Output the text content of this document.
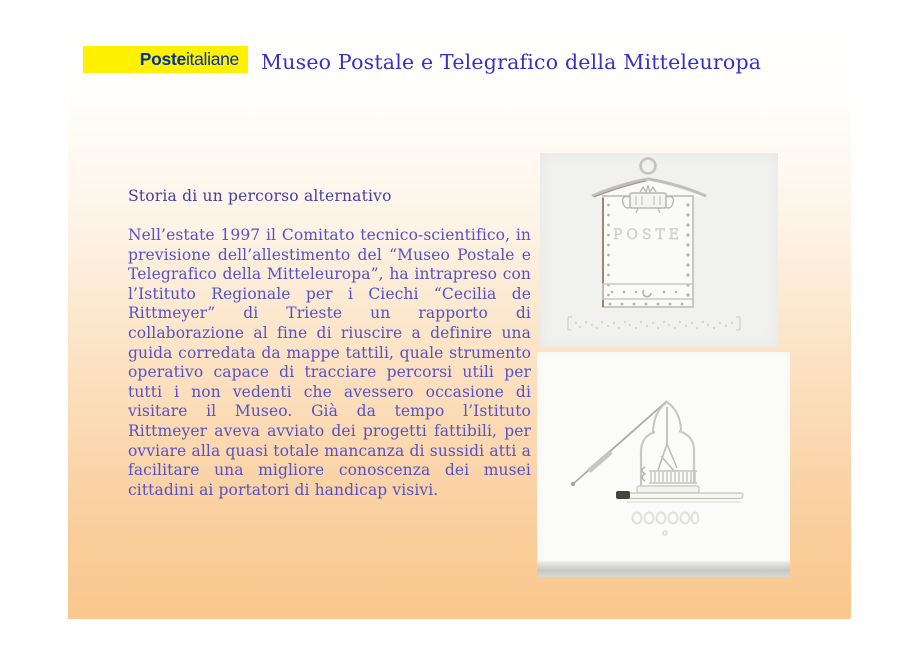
Poste italiane Museo Postale e Telegrafico della Mitteleuropa
Storia di un percorso alternativo

Nell’estate 1997 il Comitato tecnico-scientifico, in previsione dell’allestimento del “Museo Postale e Telegrafico della Mitteleuropa”, ha intrapreso con l’Istituto Regionale per i Ciechi “Cecilia de Rittmeyer” di Trieste un rapporto di collaborazione al fine di riuscire a definire una guida corredata da mappe tattili, quale strumento operativo capace di tracciare percorsi utili per tutti i non vedenti che avessero occasione di visitare il Museo. Già da tempo l’Istituto Rittmeyer aveva avviato dei progetti fattibili, per ovviare alla quasi totale mancanza di sussidi atti a facilitare una migliore conoscenza dei musei cittadini ai portatori di handicap visivi.

POSTE
